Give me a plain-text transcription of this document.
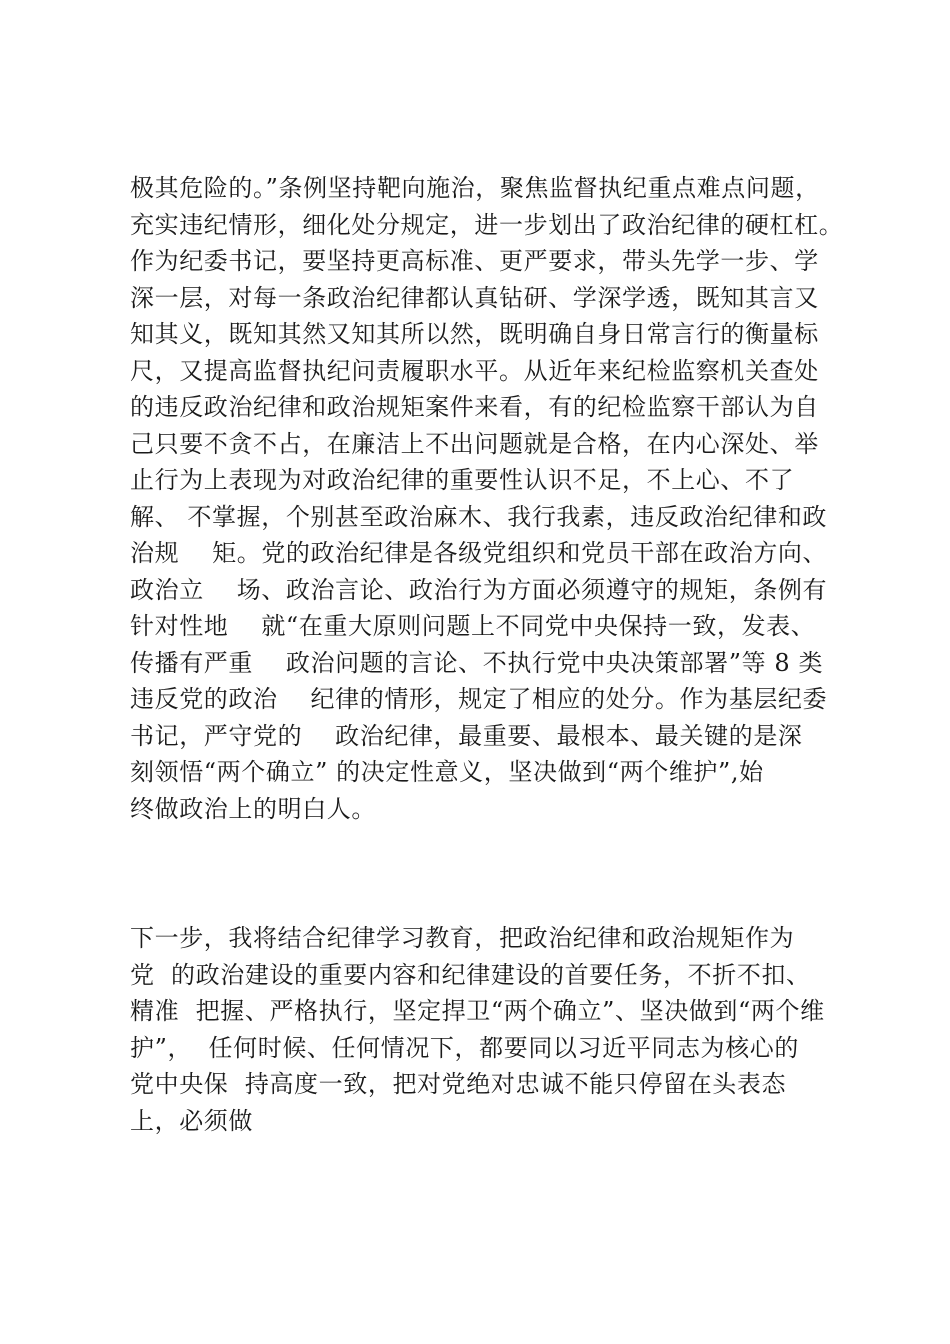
极其危险的。”条例坚持靶向施治，聚焦监督执纪重点难点问题，
充实违纪情形，细化处分规定，进一步划出了政治纪律的硬杠杠。
作为纪委书记，要坚持更高标准、更严要求，带头先学一步、学
深一层，对每一条政治纪律都认真钻研、学深学透，既知其言又
知其义，既知其然又知其所以然，既明确自身日常言行的衡量标
尺，又提高监督执纪问责履职水平。从近年来纪检监察机关查处
的违反政治纪律和政治规矩案件来看，有的纪检监察干部认为自
己只要不贪不占，在廉洁上不出问题就是合格，在内心深处、举
止行为上表现为对政治纪律的重要性认识不足，不上心、不了
解、 不掌握，个别甚至政治麻木、我行我素，违反政治纪律和政
治规    矩。党的政治纪律是各级党组织和党员干部在政治方向、
政治立    场、政治言论、政治行为方面必须遵守的规矩，条例有
针对性地    就“在重大原则问题上不同党中央保持一致，发表、
传播有严重    政治问题的言论、不执行党中央决策部署”等 8 类
违反党的政治    纪律的情形，规定了相应的处分。作为基层纪委
书记，严守党的    政治纪律，最重要、最根本、最关键的是深
刻领悟“两个确立” 的决定性意义，坚决做到“两个维护”,始
终做政治上的明白人。
下一步，我将结合纪律学习教育，把政治纪律和政治规矩作为
党  的政治建设的重要内容和纪律建设的首要任务，不折不扣、
精准  把握、严格执行，坚定捍卫“两个确立”、坚决做到“两个维
护”，  任何时候、任何情况下，都要同以习近平同志为核心的
党中央保  持高度一致，把对党绝对忠诚不能只停留在头表态
上，必须做
